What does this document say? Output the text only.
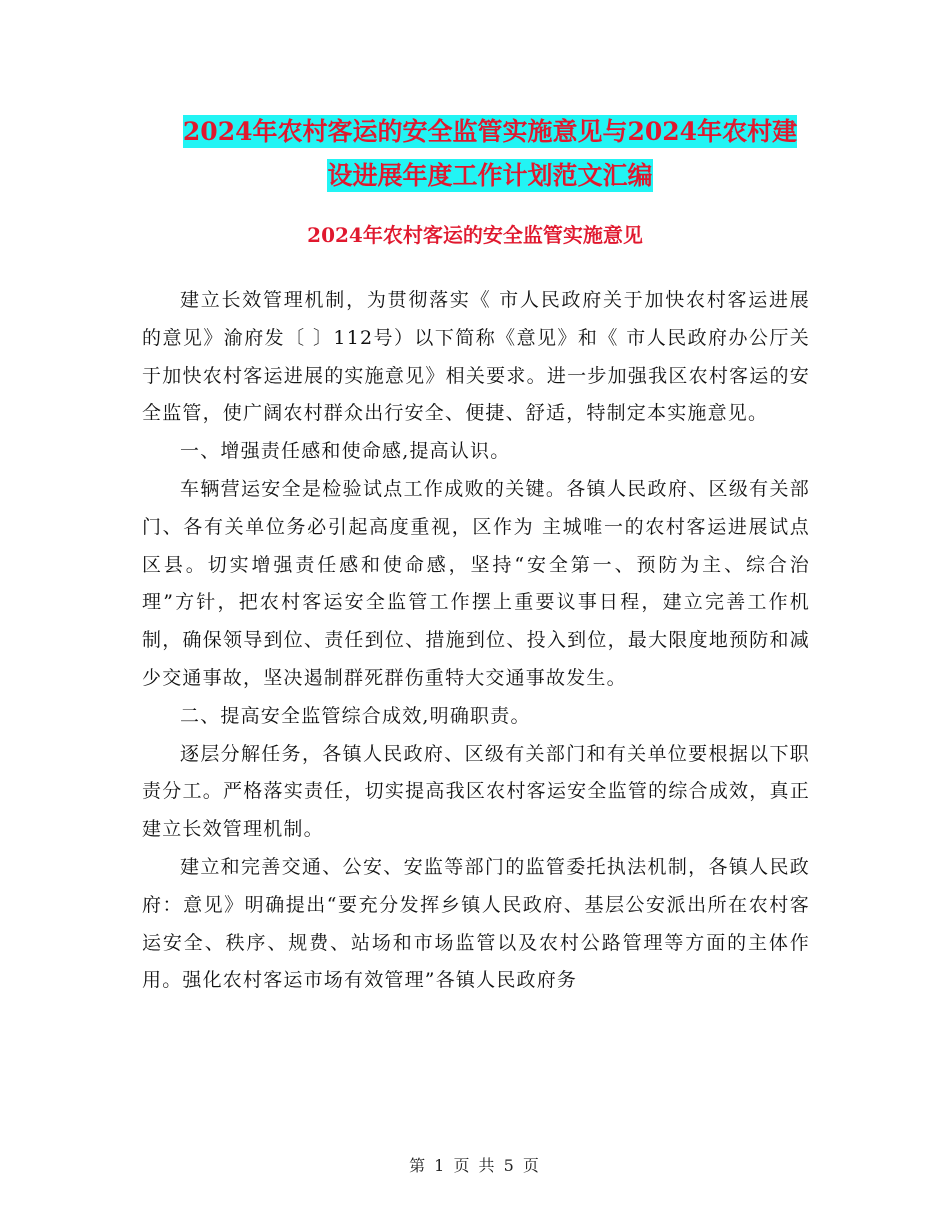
2024年农村客运的安全监管实施意见与2024年农村建
设进展年度工作计划范文汇编
2024年农村客运的安全监管实施意见

建立长效管理机制，为贯彻落实《 市人民政府关于加快农村客运进展的意见》渝府发〔 〕112号）以下简称《意见》和《 市人民政府办公厅关于加快农村客运进展的实施意见》相关要求。进一步加强我区农村客运的安全监管，使广阔农村群众出行安全、便捷、舒适，特制定本实施意见。

一、增强责任感和使命感,提高认识。

车辆营运安全是检验试点工作成败的关键。各镇人民政府、区级有关部门、各有关单位务必引起高度重视，区作为 主城唯一的农村客运进展试点区县。切实增强责任感和使命感，坚持“安全第一、预防为主、综合治理”方针，把农村客运安全监管工作摆上重要议事日程，建立完善工作机制，确保领导到位、责任到位、措施到位、投入到位，最大限度地预防和减少交通事故，坚决遏制群死群伤重特大交通事故发生。

二、提高安全监管综合成效,明确职责。

逐层分解任务，各镇人民政府、区级有关部门和有关单位要根据以下职责分工。严格落实责任，切实提高我区农村客运安全监管的综合成效，真正建立长效管理机制。

建立和完善交通、公安、安监等部门的监管委托执法机制，各镇人民政府：意见》明确提出“要充分发挥乡镇人民政府、基层公安派出所在农村客运安全、秩序、规费、站场和市场监管以及农村公路管理等方面的主体作用。强化农村客运市场有效管理”各镇人民政府务

第 1 页 共 5 页
